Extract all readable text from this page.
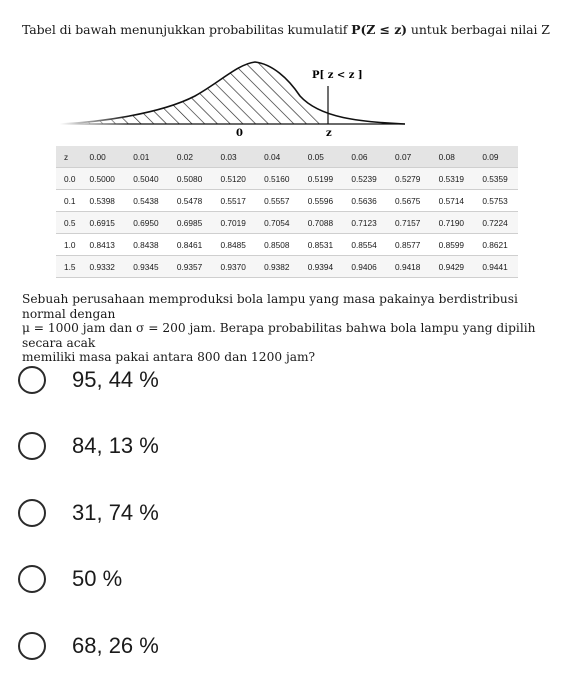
Tabel di bawah menunjukkan probabilitas kumulatif P(Z ≤ z) untuk berbagai nilai Z
P[ z < z ]
0	z
z	0.00	0.01	0.02	0.03	0.04	0.05	0.06	0.07	0.08	0.09
0.0	0.5000	0.5040	0.5080	0.5120	0.5160	0.5199	0.5239	0.5279	0.5319	0.5359
0.1	0.5398	0.5438	0.5478	0.5517	0.5557	0.5596	0.5636	0.5675	0.5714	0.5753
0.5	0.6915	0.6950	0.6985	0.7019	0.7054	0.7088	0.7123	0.7157	0.7190	0.7224
1.0	0.8413	0.8438	0.8461	0.8485	0.8508	0.8531	0.8554	0.8577	0.8599	0.8621
1.5	0.9332	0.9345	0.9357	0.9370	0.9382	0.9394	0.9406	0.9418	0.9429	0.9441
Sebuah perusahaan memproduksi bola lampu yang masa pakainya berdistribusi normal dengan
μ = 1000 jam dan σ = 200 jam. Berapa probabilitas bahwa bola lampu yang dipilih secara acak
memiliki masa pakai antara 800 dan 1200 jam?
95, 44 %
84, 13 %
31, 74 %
50 %
68, 26 %
